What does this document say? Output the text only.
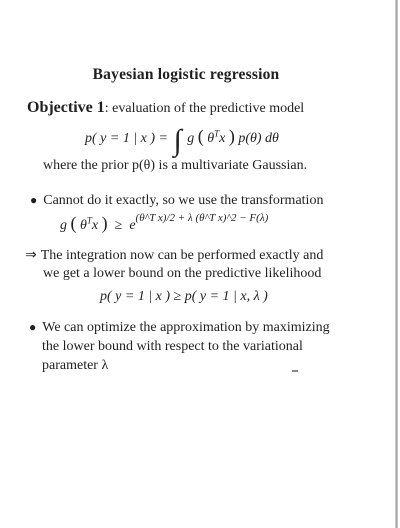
Bayesian logistic regression
Objective 1: evaluation of the predictive model
p( y = 1 | x ) = ∫ g ( $\theta^Tx$ ) p(θ) dθ
where the prior p(θ) is a multivariate Gaussian.
● Cannot do it exactly, so we use the transformation
g ( $\theta^Tx$ ) ≥ $e^{(\theta\^{}T x)/2 + \lambda (\theta\^{}T x)\^{}2 - F(\lambda)}$
⇒ The integration now can be performed exactly and
we get a lower bound on the predictive likelihood
p( y = 1 | x ) ≥ p( y = 1 | x, λ )
● We can optimize the approximation by maximizing
the lower bound with respect to the variational
parameter λ
